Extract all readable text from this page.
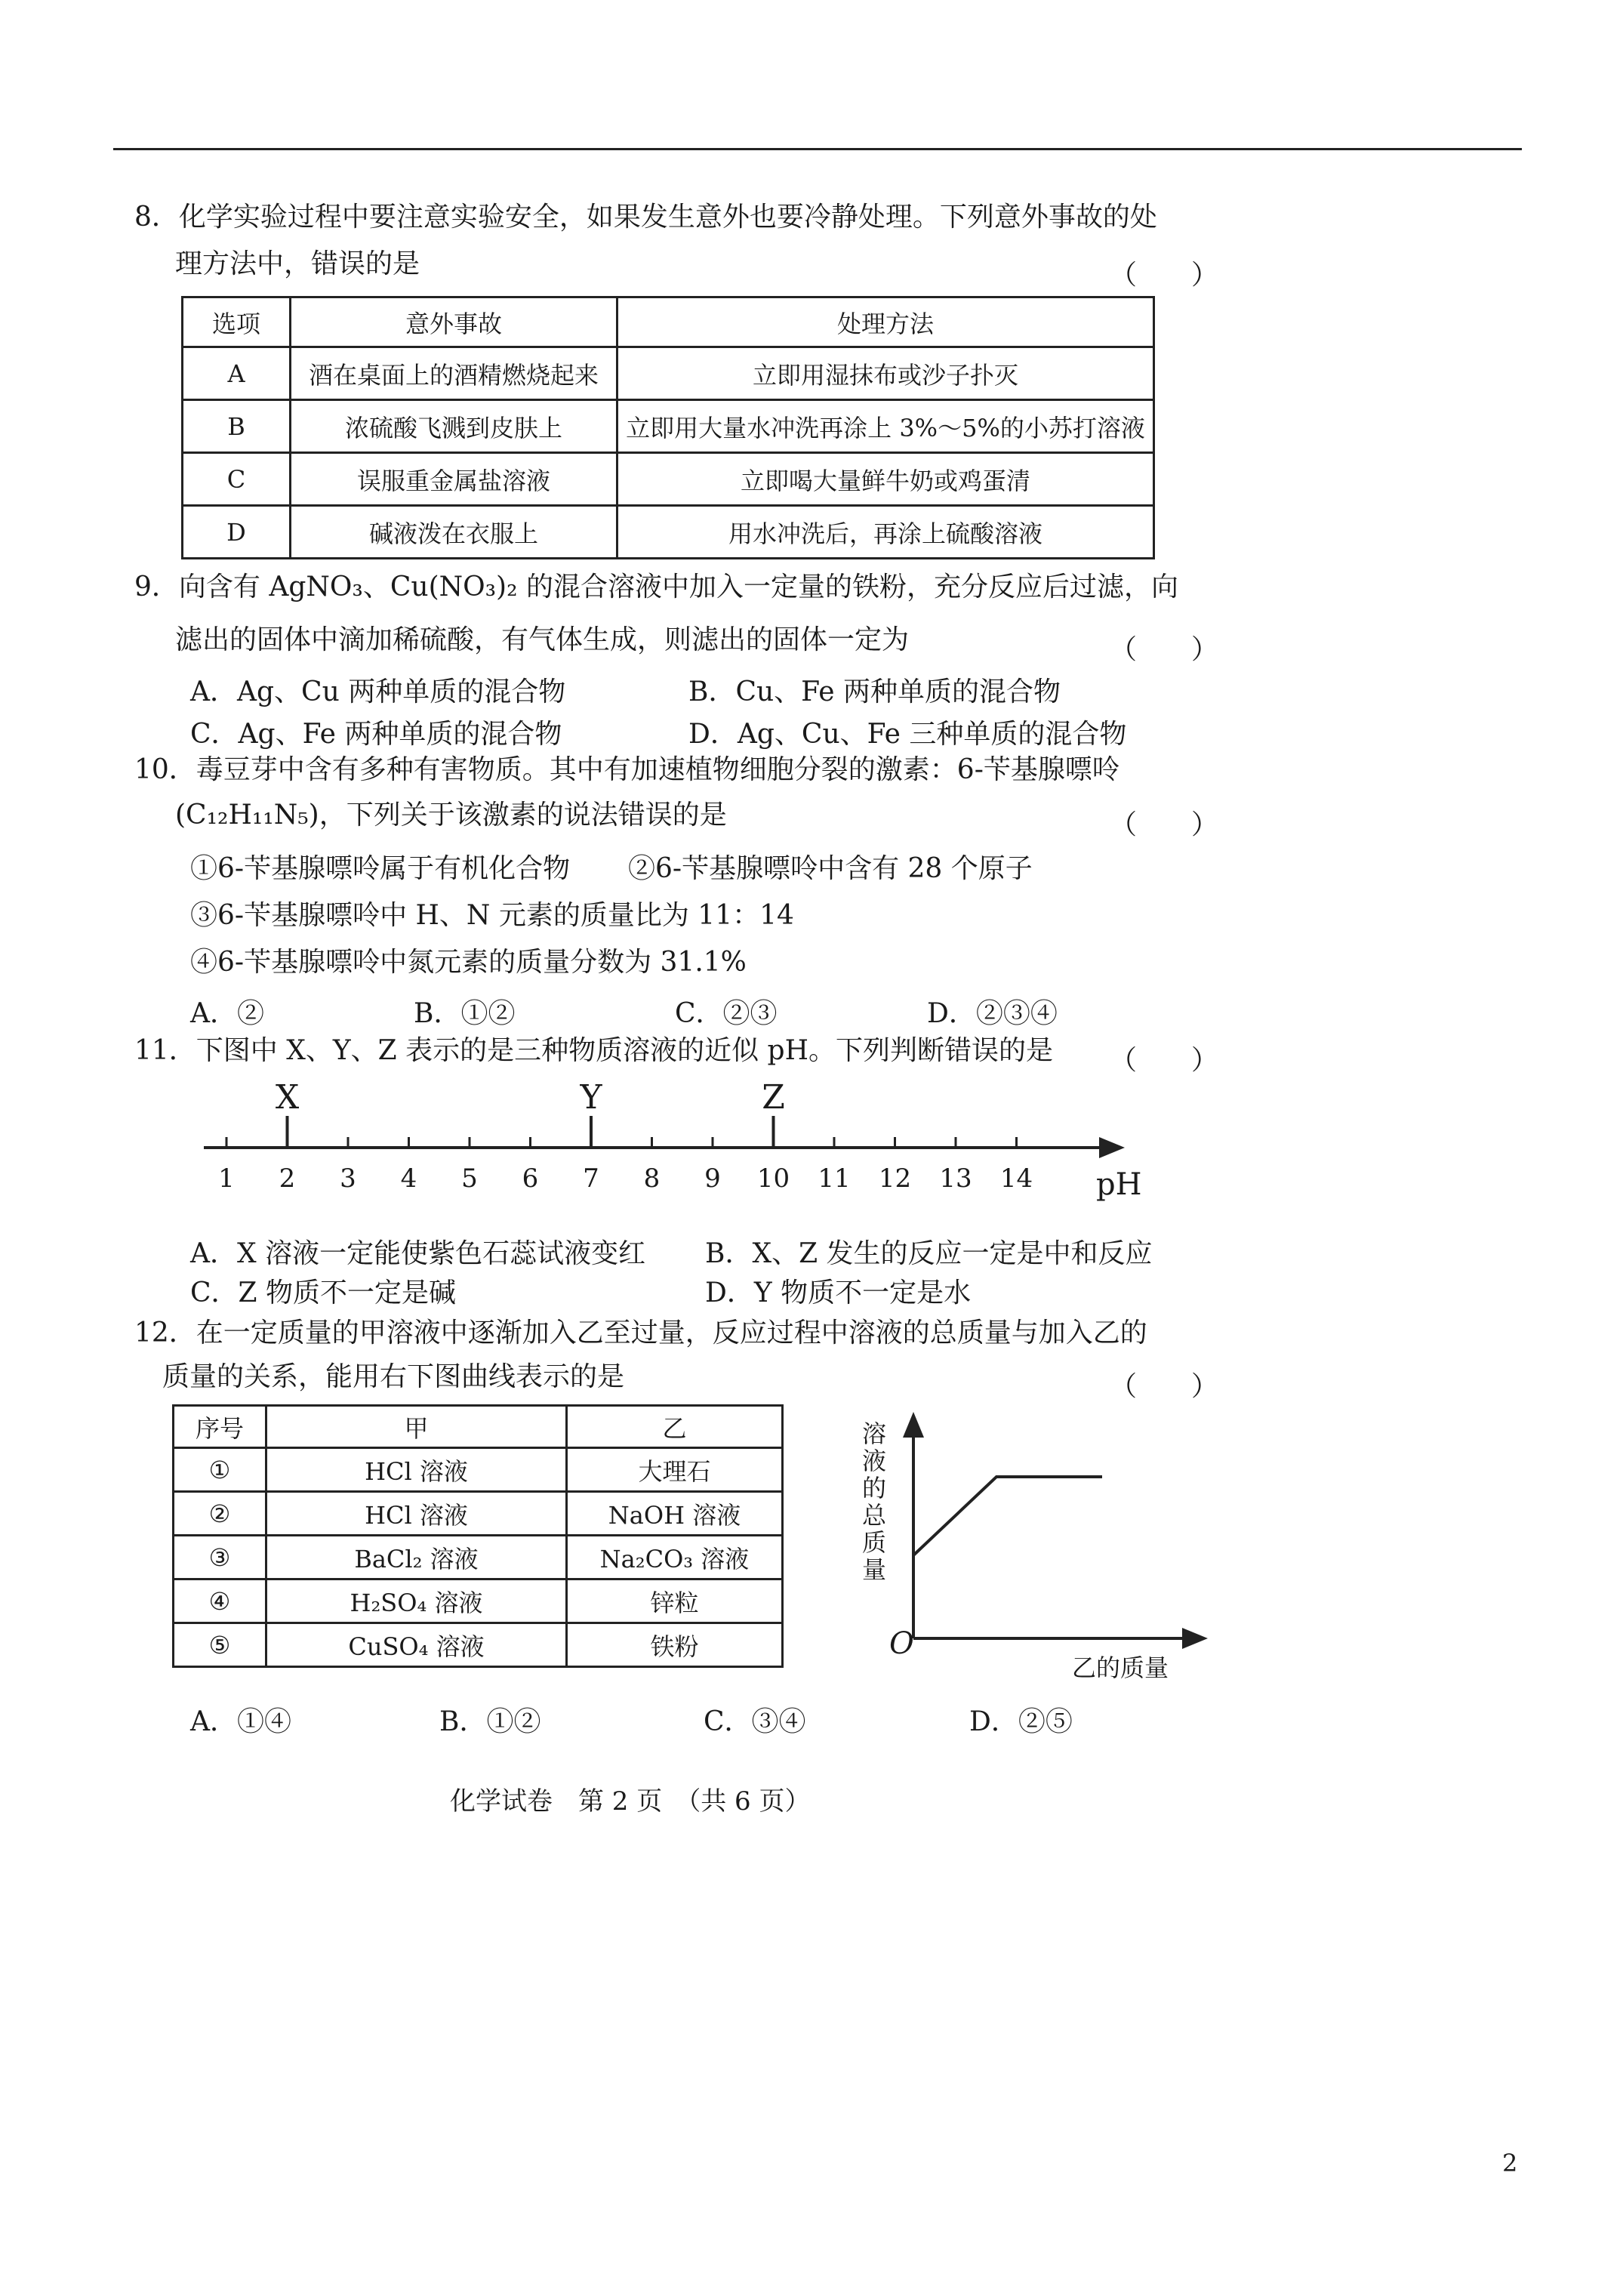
8．化学实验过程中要注意实验安全，如果发生意外也要冷静处理。下列意外事故的处
理方法中，错误的是	（　　）
选项	意外事故	处理方法
A	酒在桌面上的酒精燃烧起来	立即用湿抹布或沙子扑灭
B	浓硫酸飞溅到皮肤上	立即用大量水冲洗再涂上 3%～5%的小苏打溶液
C	误服重金属盐溶液	立即喝大量鲜牛奶或鸡蛋清
D	碱液泼在衣服上	用水冲洗后，再涂上硫酸溶液
9．向含有 AgNO₃、Cu(NO₃)₂ 的混合溶液中加入一定量的铁粉，充分反应后过滤，向
滤出的固体中滴加稀硫酸，有气体生成，则滤出的固体一定为	（　　）
A．Ag、Cu 两种单质的混合物	B．Cu、Fe 两种单质的混合物
C．Ag、Fe 两种单质的混合物	D．Ag、Cu、Fe 三种单质的混合物
10．毒豆芽中含有多种有害物质。其中有加速植物细胞分裂的激素：6-苄基腺嘌呤
(C₁₂H₁₁N₅)，下列关于该激素的说法错误的是	（　　）
①6-苄基腺嘌呤属于有机化合物 ②6-苄基腺嘌呤中含有 28 个原子
③6-苄基腺嘌呤中 H、N 元素的质量比为 11：14
④6-苄基腺嘌呤中氮元素的质量分数为 31.1%
A．②	B．①②	C．②③	D．②③④
11．下图中 X、Y、Z 表示的是三种物质溶液的近似 pH。下列判断错误的是 （　　）
1 2 3 4 5 6 7 8 9 10 11 12 13 14
X	Y	Z
pH
A．X 溶液一定能使紫色石蕊试液变红 B．X、Z 发生的反应一定是中和反应
C．Z 物质不一定是碱	D．Y 物质不一定是水
12．在一定质量的甲溶液中逐渐加入乙至过量，反应过程中溶液的总质量与加入乙的
质量的关系，能用右下图曲线表示的是	（　　）
序号	甲	乙
①	HCl 溶液	大理石
②	HCl 溶液	NaOH 溶液
③	BaCl₂ 溶液	Na₂CO₃ 溶液
④	H₂SO₄ 溶液	锌粒
⑤	CuSO₄ 溶液	铁粉
溶
液
的
总
质
量
O
乙的质量
A．①④	B．①②	C．③④	D．②⑤
化学试卷　第 2 页　（共 6 页）
2
